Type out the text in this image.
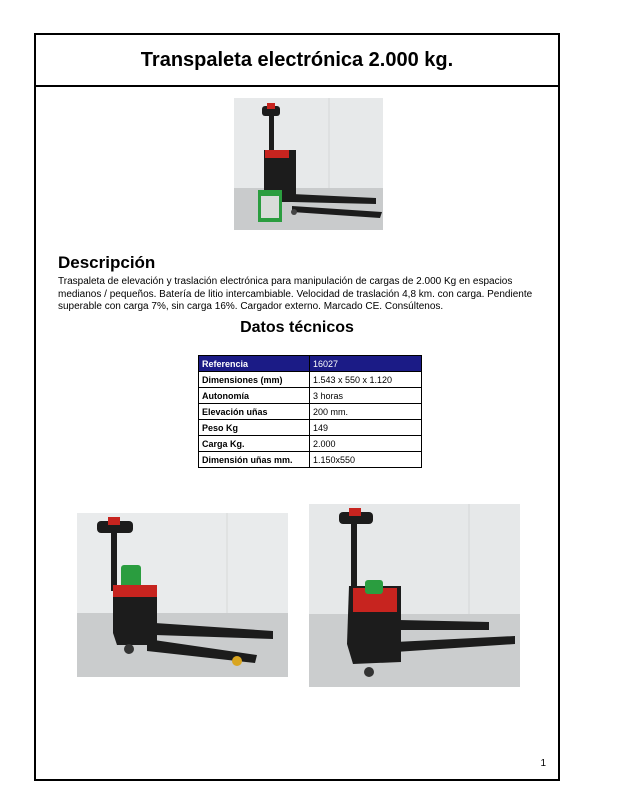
Transpaleta electrónica 2.000 kg.
Descripción

Traspaleta de elevación y traslación electrónica para manipulación de cargas de 2.000 Kg en espacios medianos / pequeños. Batería de litio intercambiable. Velocidad de traslación 4,8 km. con carga. Pendiente superable con carga 7%, sin carga 16%. Cargador externo. Marcado CE. Consúltenos.

Datos técnicos
Referencia	16027
Dimensiones (mm)	1.543 x 550 x 1.120
Autonomía	3 horas
Elevación uñas	200 mm.
Peso Kg	149
Carga Kg.	2.000
Dimensión uñas mm.	1.150x550
1
